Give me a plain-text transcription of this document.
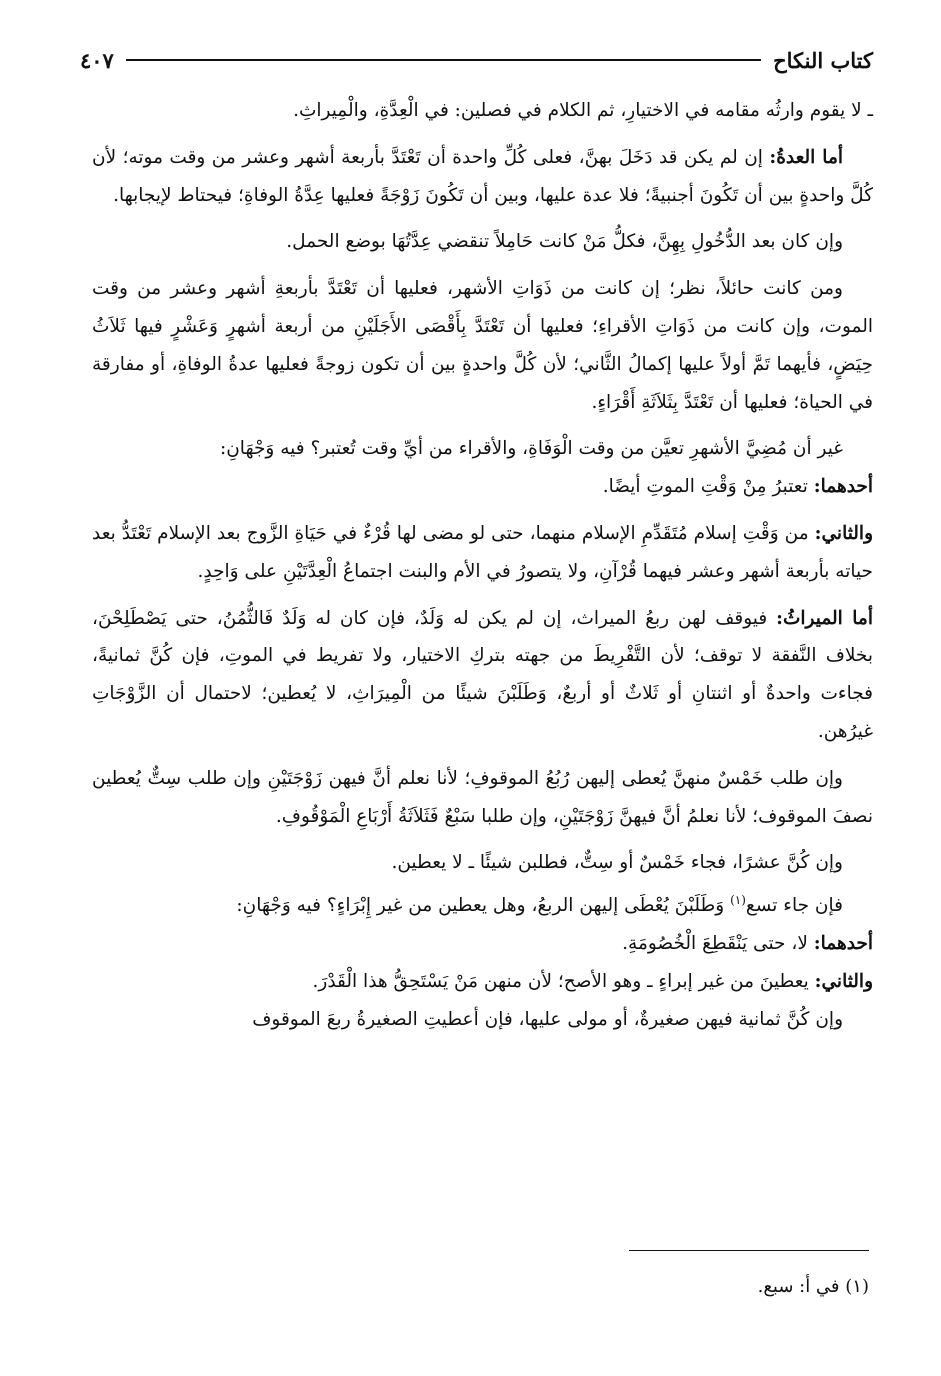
كتاب النكاح
٤٠٧

ـ لا يقوم وارثُه مقامه في الاختيارِ، ثم الكلام في فصلين: في الْعِدَّةِ، والْمِيراثِ.

أما العدةُ: إن لم يكن قد دَخَلَ بهنَّ، فعلى كُلِّ واحدة أن تَعْتَدَّ بأربعة أشهر وعشر من وقت موته؛ لأن كُلَّ واحدةٍ بين أن تَكُونَ أجنبيةً؛ فلا عدة عليها، وبين أن تَكُونَ زَوْجَةً فعليها عِدَّةُ الوفاةِ؛ فيحتاط لإيجابها.

وإن كان بعد الدُّخُولِ بِهِنَّ، فكلُّ مَنْ كانت حَامِلاً تنقضي عِدَّتُهَا بوضع الحمل.

ومن كانت حائلاً، نظر؛ إن كانت من ذَوَاتِ الأشهر، فعليها أن تَعْتَدَّ بأربعةِ أشهر وعشر من وقت الموت، وإن كانت من ذَوَاتِ الأقراءِ؛ فعليها أن تَعْتَدَّ بِأَقْصَى الأَجَلَيْنِ من أربعة أشهرٍ وَعَشْرٍ فيها ثَلاَثُ حِيَضٍ، فأيهما تَمَّ أولاً عليها إكمالُ الثَّاني؛ لأن كُلَّ واحدةٍ بين أن تكون زوجةً فعليها عدةُ الوفاةِ، أو مفارقة في الحياة؛ فعليها أن تَعْتَدَّ بِثَلاَثَةِ أَقْرَاءٍ.

غير أن مُضِيَّ الأشهرِ تعيَّن من وقت الْوَفَاةِ، والأقراء من أيِّ وقت تُعتبر؟ فيه وَجْهَانِ:

أحدهما: تعتبرُ مِنْ وَقْتِ الموتِ أيضًا.

والثاني: من وَقْتِ إسلام مُتَقَدِّمِ الإسلام منهما، حتى لو مضى لها قُرْءٌ في حَيَاةِ الزَّوج بعد الإسلام تَعْتَدُّ بعد حياته بأربعة أشهر وعشر فيهما قُرْآنِ، ولا يتصورُ في الأم والبنت اجتماعُ الْعِدَّتَيْنِ على وَاحِدٍ.

أما الميراثُ: فيوقف لهن ربعُ الميراث، إن لم يكن له وَلَدٌ، فإن كان له وَلَدٌ فَالثُّمُنُ، حتى يَصْطَلِحْنَ، بخلاف النَّفقة لا توقف؛ لأن التَّفْرِيطَ من جهته بتركِ الاختيار، ولا تفريط في الموتِ، فإن كُنَّ ثمانيةً، فجاءت واحدةٌ أو اثنتانِ أو ثَلاثٌ أو أربعٌ، وَطَلَبْنَ شيئًا من الْمِيرَاثِ، لا يُعطين؛ لاحتمال أن الزَّوْجَاتِ غيرُهن.

وإن طلب خَمْسٌ منهنَّ يُعطى إليهن رُبُعُ الموقوفِ؛ لأنا نعلم أنَّ فيهن زَوْجَتَيْنِ وإن طلب سِتٌّ يُعطين نصفَ الموقوف؛ لأنا نعلمُ أنَّ فيهنَّ زَوْجَتَيْنِ، وإن طلبا سَبْعٌ فَثَلاَثَةُ أَرْبَاعِ الْمَوْقُوفِ.

وإن كُنَّ عشرًا، فجاء خَمْسٌ أو سِتٌّ، فطلبن شيئًا ـ لا يعطين.

فإن جاء تسع$^{(١)}$ وَطَلَبْنَ يُعْطَى إليهن الربعُ، وهل يعطين من غير إِبْرَاءٍ؟ فيه وَجْهَانِ:

أحدهما: لا، حتى يَنْقَطِعَ الْخُصُومَةِ.

والثاني: يعطينَ من غير إبراءٍ ـ وهو الأصح؛ لأن منهن مَنْ يَسْتَحِقُّ هذا الْقَدْرَ.

وإن كُنَّ ثمانية فيهن صغيرةٌ، أو مولى عليها، فإن أعطيتِ الصغيرةُ ربعَ الموقوف

(١) في أ: سبع.
